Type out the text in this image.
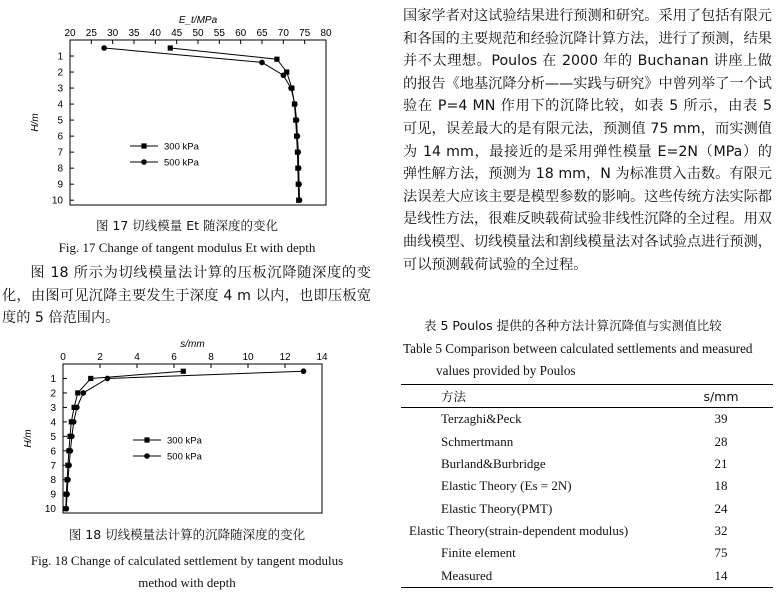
20 25 30 35 40 45 50 55 60 65 70 75 80
1
2
3
4
5
6
7
8
9
10
E_t/MPa
H/m
300 kPa
500 kPa
图 17 切线模量 Et 随深度的变化
Fig. 17 Change of tangent modulus Et with depth
图 18 所示为切线模量法计算的压板沉降随深度的变化，由图可见沉降主要发生于深度 4 m 以内，也即压板宽度的 5 倍范围内。
0	2	4	6	8	10	12	14
1
2
3
4
5
6
7
8
9
10
s/mm
H/m	300 kPa
500 kPa
图 18 切线模量法计算的沉降随深度的变化
Fig. 18 Change of calculated settlement by tangent modulus
method with depth
国家学者对这试验结果进行预测和研究。采用了包括有限元和各国的主要规范和经验沉降计算方法，进行了预测，结果并不太理想。Poulos 在 2000 年的 Buchanan 讲座上做的报告《地基沉降分析——实践与研究》中曾列举了一个试验在 P=4 MN 作用下的沉降比较，如表 5 所示，由表 5 可见，误差最大的是有限元法，预测值 75 mm，而实测值为 14 mm，最接近的是采用弹性模量 E=2N（MPa）的弹性解方法，预测为 18 mm，N 为标准贯入击数。有限元法误差大应该主要是模型参数的影响。这些传统方法实际都是线性方法，很难反映载荷试验非线性沉降的全过程。用双曲线模型、切线模量法和割线模量法对各试验点进行预测，可以预测载荷试验的全过程。
表 5 Poulos 提供的各种方法计算沉降值与实测值比较
Table 5 Comparison between calculated settlements and measured
values provided by Poulos
方法	s/mm
Terzaghi&Peck	39
Schmertmann	28
Burland&Burbridge	21
Elastic Theory (Es = 2N)	18
Elastic Theory(PMT)	24
Elastic Theory(strain-dependent modulus)	32
Finite element	75
Measured	14
